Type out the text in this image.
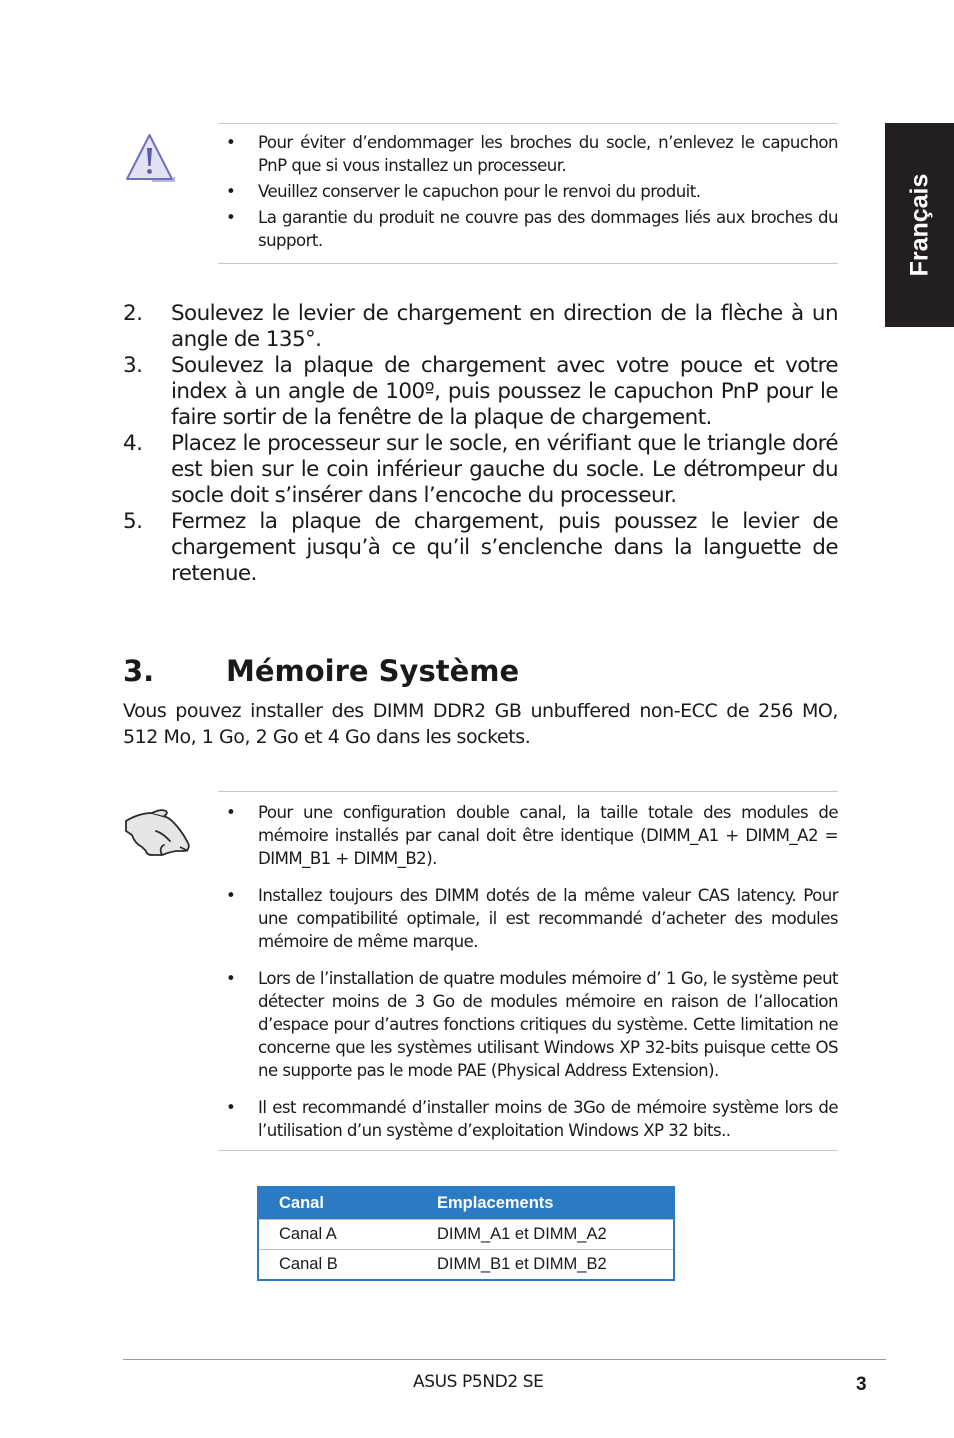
Français
• Pour éviter d’endommager les broches du socle, n’enlevez le capuchon PnP que si vous installez un processeur.
• Veuillez conserver le capuchon pour le renvoi du produit.
• La garantie du produit ne couvre pas des dommages liés aux broches du support.
2. Soulevez le levier de chargement en direction de la flèche à un angle de 135°.
3. Soulevez la plaque de chargement avec votre pouce et votre index à un angle de 100º, puis poussez le capuchon PnP pour le faire sortir de la fenêtre de la plaque de chargement.
4. Placez le processeur sur le socle, en vérifiant que le triangle doré est bien sur le coin inférieur gauche du socle. Le détrompeur du socle doit s’insérer dans l’encoche du processeur.
5. Fermez la plaque de chargement, puis poussez le levier de chargement jusqu’à ce qu’il s’enclenche dans la languette de retenue.
3. Mémoire Système

Vous pouvez installer des DIMM DDR2 GB unbuffered non-ECC de 256 MO, 512 Mo, 1 Go, 2 Go et 4 Go dans les sockets.

• Pour une configuration double canal, la taille totale des modules de mémoire installés par canal doit être identique (DIMM_A1 + DIMM_A2 = DIMM_B1 + DIMM_B2).
• Installez toujours des DIMM dotés de la même valeur CAS latency. Pour une compatibilité optimale, il est recommandé d’acheter des modules mémoire de même marque.
• Lors de l’installation de quatre modules mémoire d’ 1 Go, le système peut détecter moins de 3 Go de modules mémoire en raison de l’allocation d’espace pour d’autres fonctions critiques du système. Cette limitation ne concerne que les systèmes utilisant Windows XP 32-bits puisque cette OS ne supporte pas le mode PAE (Physical Address Extension).
• Il est recommandé d’installer moins de 3Go de mémoire système lors de l’utilisation d’un système d’exploitation Windows XP 32 bits..
Canal	Emplacements
Canal A	DIMM_A1 et DIMM_A2
Canal B	DIMM_B1 et DIMM_B2
ASUS P5ND2 SE	3
